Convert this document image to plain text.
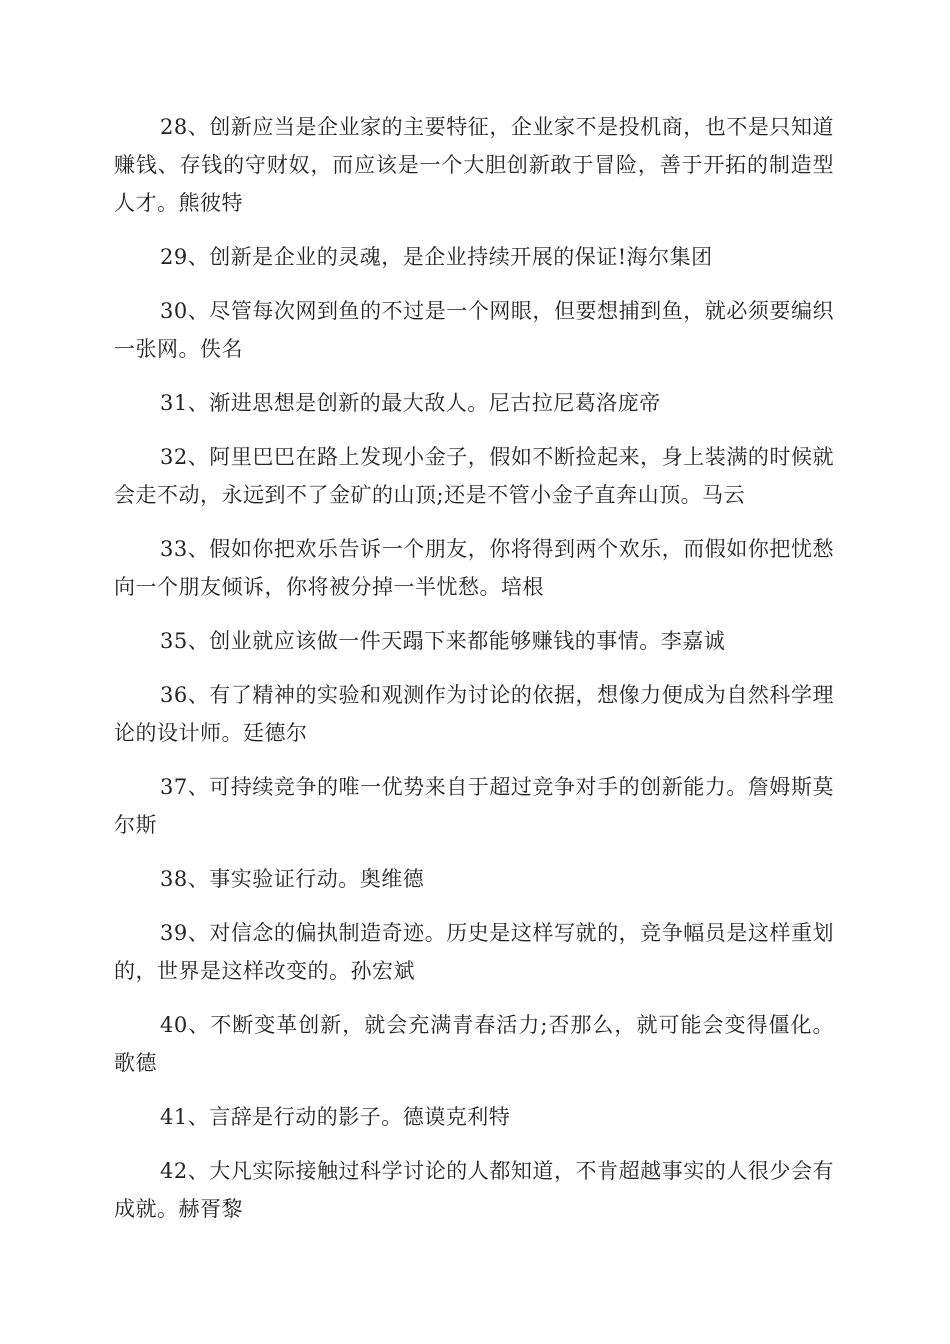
28、创新应当是企业家的主要特征，企业家不是投机商，也不是只知道赚钱、存钱的守财奴，而应该是一个大胆创新敢于冒险，善于开拓的制造型人才。熊彼特

29、创新是企业的灵魂，是企业持续开展的保证!海尔集团

30、尽管每次网到鱼的不过是一个网眼，但要想捕到鱼，就必须要编织一张网。佚名

31、渐进思想是创新的最大敌人。尼古拉尼葛洛庞帝

32、阿里巴巴在路上发现小金子，假如不断捡起来，身上装满的时候就会走不动，永远到不了金矿的山顶;还是不管小金子直奔山顶。马云

33、假如你把欢乐告诉一个朋友，你将得到两个欢乐，而假如你把忧愁向一个朋友倾诉，你将被分掉一半忧愁。培根

35、创业就应该做一件天蹋下来都能够赚钱的事情。李嘉诚

36、有了精神的实验和观测作为讨论的依据，想像力便成为自然科学理论的设计师。廷德尔

37、可持续竞争的唯一优势来自于超过竞争对手的创新能力。詹姆斯莫尔斯

38、事实验证行动。奥维德

39、对信念的偏执制造奇迹。历史是这样写就的，竞争幅员是这样重划的，世界是这样改变的。孙宏斌

40、不断变革创新，就会充满青春活力;否那么，就可能会变得僵化。歌德

41、言辞是行动的影子。德谟克利特

42、大凡实际接触过科学讨论的人都知道，不肯超越事实的人很少会有成就。赫胥黎
